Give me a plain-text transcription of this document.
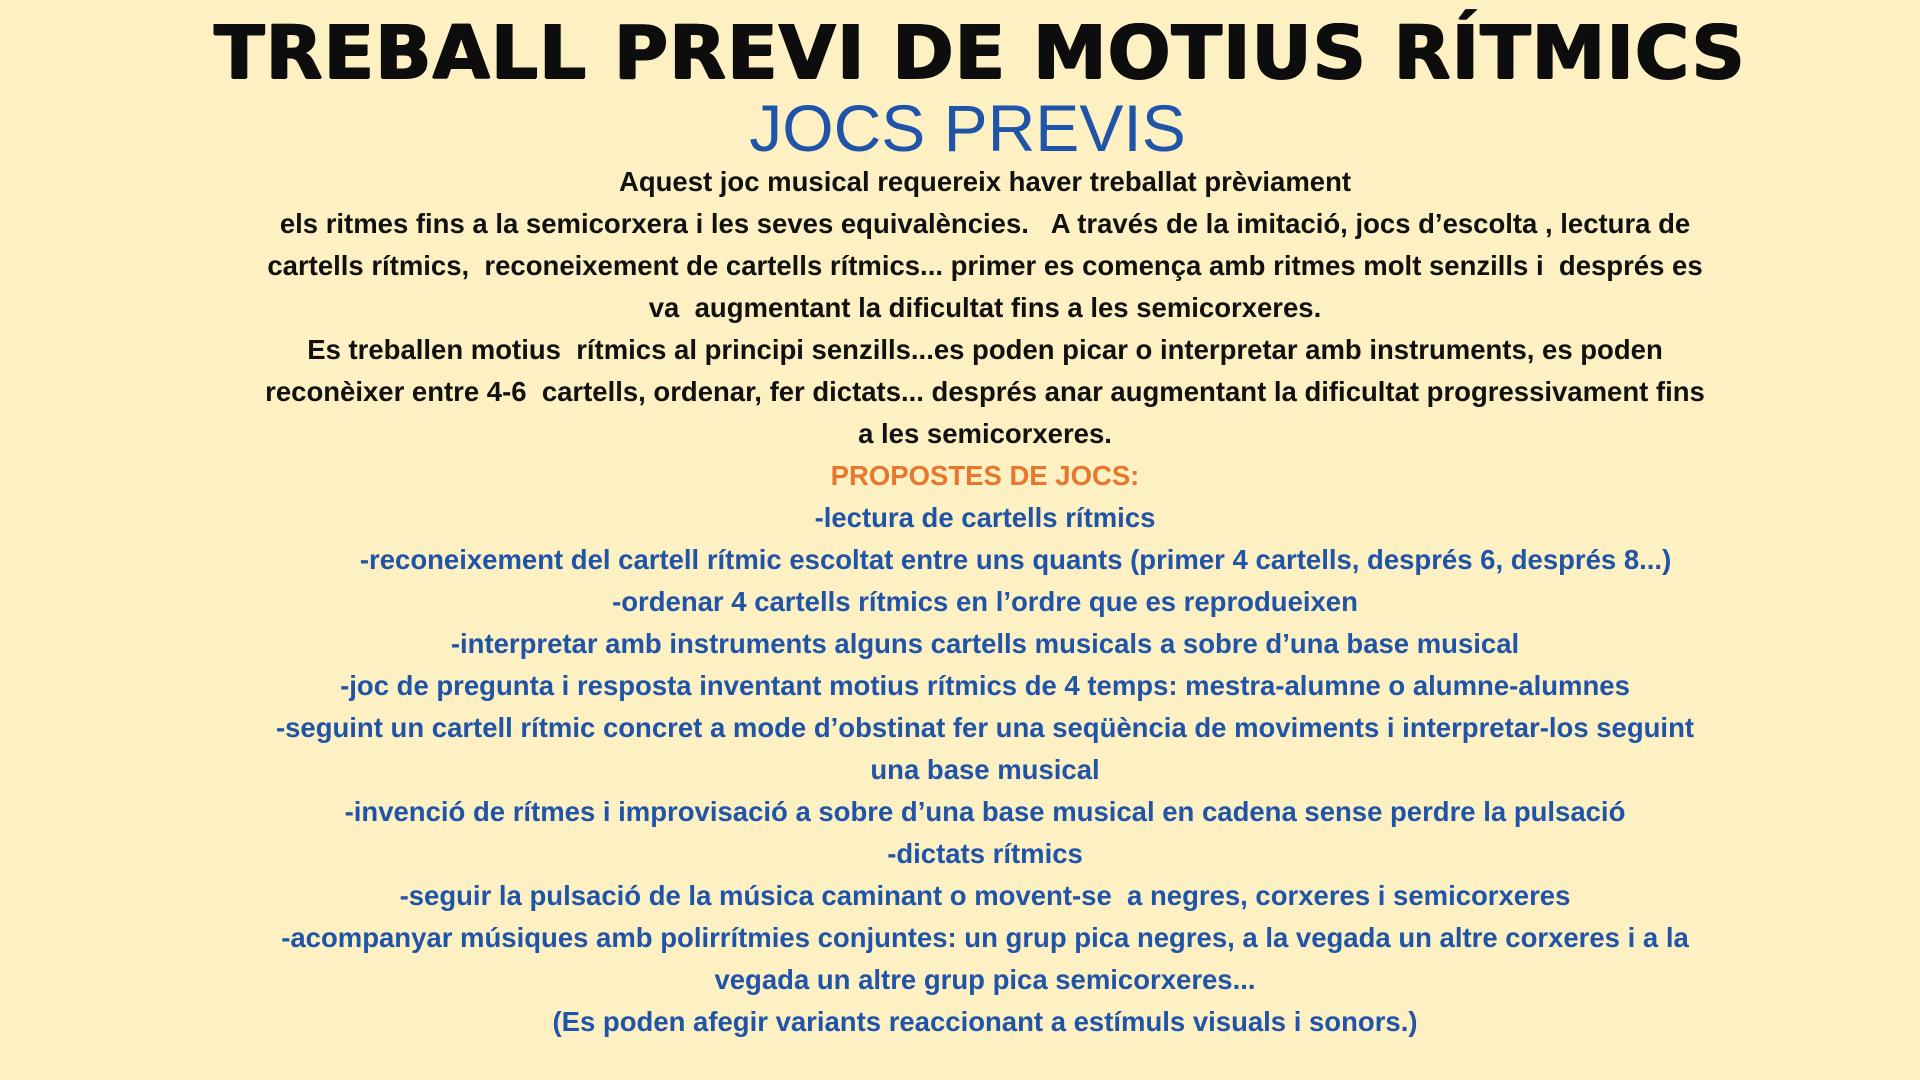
TREBALL PREVI DE MOTIUS RÍTMICS
JOCS PREVIS
Aquest joc musical requereix haver treballat prèviament
els ritmes fins a la semicorxera i les seves equivalències.   A través de la imitació, jocs d’escolta , lectura de
cartells rítmics,  reconeixement de cartells rítmics... primer es comença amb ritmes molt senzills i  després es
va  augmentant la dificultat fins a les semicorxeres.
Es treballen motius  rítmics al principi senzills...es poden picar o interpretar amb instruments, es poden
reconèixer entre 4-6  cartells, ordenar, fer dictats... després anar augmentant la dificultat progressivament fins
a les semicorxeres.
PROPOSTES DE JOCS:
-lectura de cartells rítmics
-reconeixement del cartell rítmic escoltat entre uns quants (primer 4 cartells, després 6, després 8...)
-ordenar 4 cartells rítmics en l’ordre que es reprodueixen
-interpretar amb instruments alguns cartells musicals a sobre d’una base musical
-joc de pregunta i resposta inventant motius rítmics de 4 temps: mestra-alumne o alumne-alumnes
-seguint un cartell rítmic concret a mode d’obstinat fer una seqüència de moviments i interpretar-los seguint
una base musical
-invenció de rítmes i improvisació a sobre d’una base musical en cadena sense perdre la pulsació
-dictats rítmics
-seguir la pulsació de la música caminant o movent-se  a negres, corxeres i semicorxeres
-acompanyar músiques amb polirrítmies conjuntes: un grup pica negres, a la vegada un altre corxeres i a la
vegada un altre grup pica semicorxeres...
(Es poden afegir variants reaccionant a estímuls visuals i sonors.)
